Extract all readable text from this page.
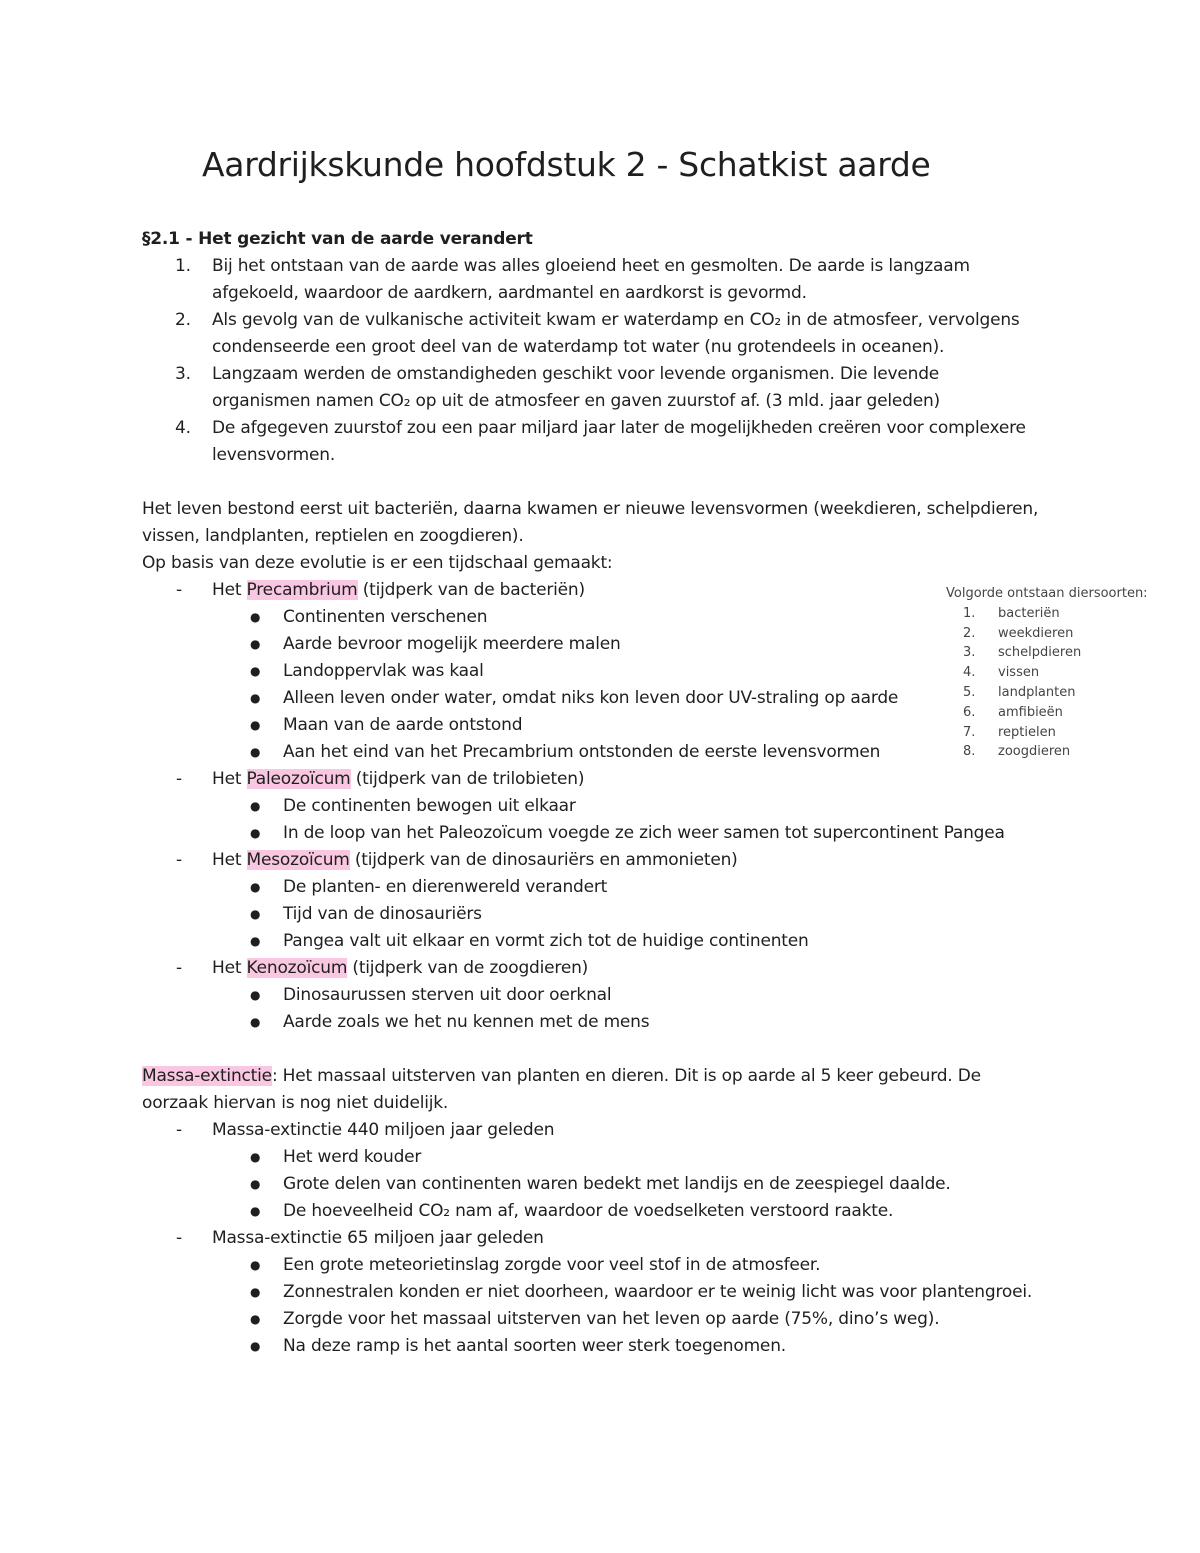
Aardrijkskunde hoofdstuk 2 - Schatkist aarde

§2.1 - Het gezicht van de aarde verandert

1. Bij het ontstaan van de aarde was alles gloeiend heet en gesmolten. De aarde is langzaam
afgekoeld, waardoor de aardkern, aardmantel en aardkorst is gevormd.
2. Als gevolg van de vulkanische activiteit kwam er waterdamp en CO₂ in de atmosfeer, vervolgens
condenseerde een groot deel van de waterdamp tot water (nu grotendeels in oceanen).
3. Langzaam werden de omstandigheden geschikt voor levende organismen. Die levende
organismen namen CO₂ op uit de atmosfeer en gaven zuurstof af. (3 mld. jaar geleden)
4. De afgegeven zuurstof zou een paar miljard jaar later de mogelijkheden creëren voor complexere
levensvormen.

Het leven bestond eerst uit bacteriën, daarna kwamen er nieuwe levensvormen (weekdieren, schelpdieren,
vissen, landplanten, reptielen en zoogdieren).

Op basis van deze evolutie is er een tijdschaal gemaakt:

- Het Precambrium (tijdperk van de bacteriën)
● Continenten verschenen
● Aarde bevroor mogelijk meerdere malen
● Landoppervlak was kaal
● Alleen leven onder water, omdat niks kon leven door UV-straling op aarde
● Maan van de aarde ontstond
● Aan het eind van het Precambrium ontstonden de eerste levensvormen
- Het Paleozoïcum (tijdperk van de trilobieten)
● De continenten bewogen uit elkaar
● In de loop van het Paleozoïcum voegde ze zich weer samen tot supercontinent Pangea
- Het Mesozoïcum (tijdperk van de dinosauriërs en ammonieten)
● De planten- en dierenwereld verandert
● Tijd van de dinosauriërs
● Pangea valt uit elkaar en vormt zich tot de huidige continenten
- Het Kenozoïcum (tijdperk van de zoogdieren)
● Dinosaurussen sterven uit door oerknal
● Aarde zoals we het nu kennen met de mens

Massa-extinctie: Het massaal uitsterven van planten en dieren. Dit is op aarde al 5 keer gebeurd. De
oorzaak hiervan is nog niet duidelijk.

- Massa-extinctie 440 miljoen jaar geleden
● Het werd kouder
● Grote delen van continenten waren bedekt met landijs en de zeespiegel daalde.
● De hoeveelheid CO₂ nam af, waardoor de voedselketen verstoord raakte.
- Massa-extinctie 65 miljoen jaar geleden
● Een grote meteorietinslag zorgde voor veel stof in de atmosfeer.
● Zonnestralen konden er niet doorheen, waardoor er te weinig licht was voor plantengroei.
● Zorgde voor het massaal uitsterven van het leven op aarde (75%, dino’s weg).
● Na deze ramp is het aantal soorten weer sterk toegenomen.
Volgorde ontstaan diersoorten:
1. bacteriën
2. weekdieren
3. schelpdieren
4. vissen
5. landplanten
6. amfibieën
7. reptielen
8. zoogdieren
